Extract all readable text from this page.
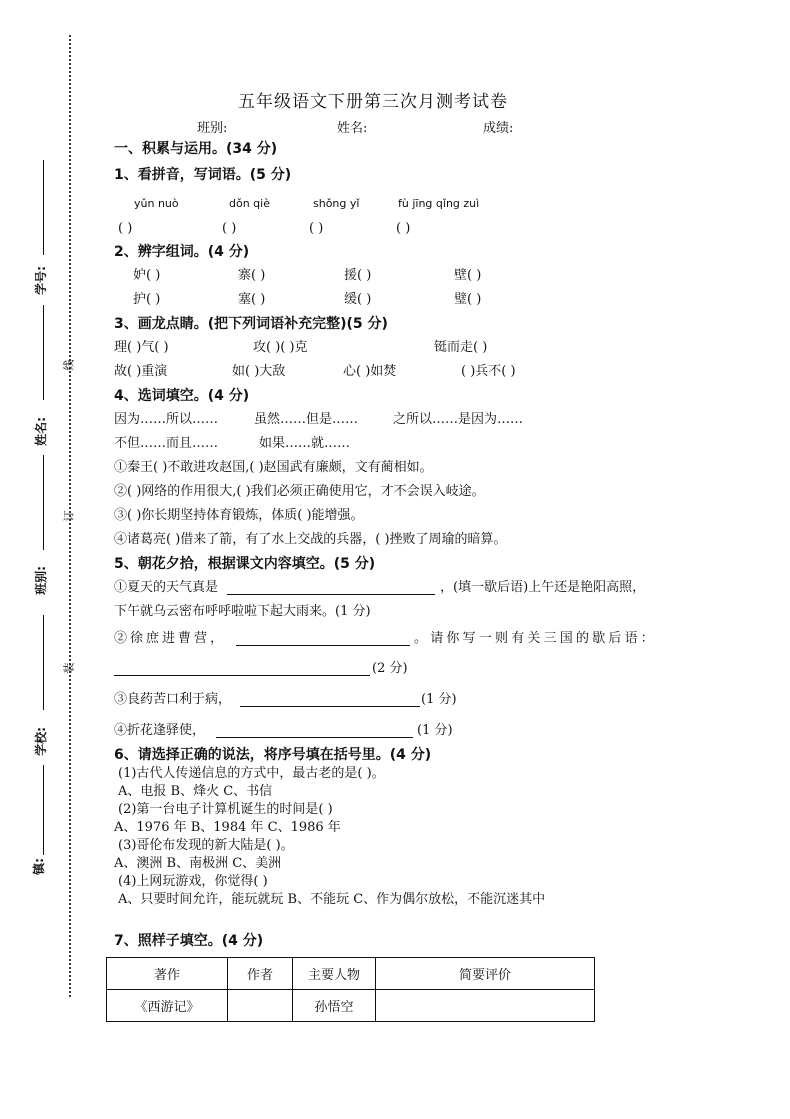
线
订
装
学号:
姓名:
班别:
学校:
镇:
五年级语文下册第三次月测考试卷
班别:	姓名:	成绩:
一、积累与运用。(34 分)
1、看拼音，写词语。(5 分)
yǔn nuò	dǒn qiè	shǒng yǐ	fù jīng qǐng zuì
( )	( )	( )	( )
2、辨字组词。(4 分)
妒( )	寨( )	援( )	壁( )
护( )	塞( )	缓( )	璧( )
3、画龙点睛。(把下列词语补充完整)(5 分)
理( )气( )	攻( )( )克	铤而走( )
故( )重演	如( )大敌	心( )如焚	( )兵不( )
4、选词填空。(4 分)
因为……所以……	虽然……但是……	之所以……是因为……
不但……而且……	如果……就……
①秦王( )不敢进攻赵国,( )赵国武有廉颇，文有蔺相如。
②( )网络的作用很大,( )我们必须正确使用它，才不会误入岐途。
③( )你长期坚持体育锻炼，体质( )能增强。
④诸葛亮( )借来了箭，有了水上交战的兵器，( )挫败了周瑜的暗算。
5、朝花夕拾，根据课文内容填空。(5 分)
①夏天的天气真是	，(填一歇后语)上午还是艳阳高照，
下午就乌云密布呼呼啦啦下起大雨来。(1 分)
②徐庶进曹营，	。请你写一则有关三国的歇后语：
(2 分)
③良药苦口利于病，	(1 分)
④折花逢驿使，	(1 分)
6、请选择正确的说法，将序号填在括号里。(4 分)
(1)古代人传递信息的方式中，最古老的是( )。
A、电报 B、烽火 C、书信
(2)第一台电子计算机诞生的时间是( )
A、1976 年 B、1984 年 C、1986 年
(3)哥伦布发现的新大陆是( )。
A、澳洲 B、南极洲 C、美洲
(4)上网玩游戏，你觉得( )
A、只要时间允许，能玩就玩 B、不能玩 C、作为偶尔放松，不能沉迷其中
7、照样子填空。(4 分)
著作	作者	主要人物	简要评价
《西游记》		孙悟空	
